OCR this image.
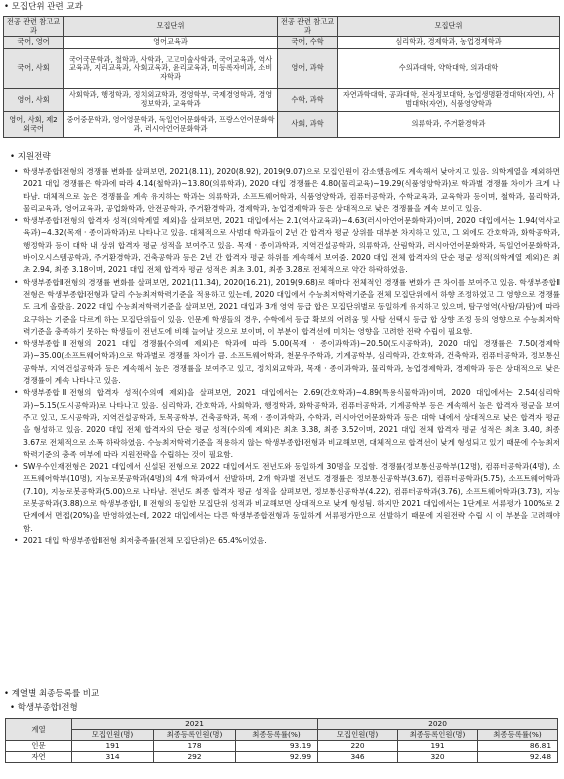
• 모집단위 관련 교과
전공 관련 참고교과	모집단위	전공 관련 참고교과	모집단위
국어, 영어	영어교육과	국어, 수학	심리학과, 경제학과, 농업경제학과
국어, 사회	국어국문학과, 철학과, 사학과, 고고미술사학과, 국어교육과, 역사교육과, 지리교육과, 사회교육과, 윤리교육과, 미등록자비과, 소비자학과	영어, 과학	수의과대학, 약학대학, 의과대학
영어, 사회	사회학과, 행정학과, 정치외교학과, 경영학부, 국제경영학과, 경영정보학과, 교육학과	수학, 과학	자연과학대학, 공과대학, 전자정보대학, 농업생명환경대학(자연), 사범대학(자연), 식품영양학과
영어, 사회, 제2외국어	중어중문학과, 영어영문학과, 독일언어문화학과, 프랑스언어문화학과, 러시아언어문화학과	사회, 과학	의류학과, 주거환경학과
• 지원전략
• 학생부종합Ⅰ전형의 경쟁률 변화를 살펴보면, 2021(8.11), 2020(8.92), 2019(9.07)으로 모집인원이 감소했음에도 계속해서 낮아지고 있음. 의학계열을 제외하면 2021 대입 경쟁률은 학과에 따라 4.14(철학과)~13.80(의류학과), 2020 대입 경쟁률은 4.80(물리교육)~19.29(식품영양학과)로 학과별 경쟁률 차이가 크게 나타남. 대체적으로 높은 경쟁률을 계속 유지하는 학과는 의류학과, 소프트웨어학과, 식품영양학과, 컴퓨터공학과, 수학교육과, 교육학과 등이며, 철학과, 물리학과, 물리교육과, 영어교육과, 공업화학과, 안전공학과, 주거환경학과, 경제학과, 농업경제학과 등은 상대적으로 낮은 경쟁률을 계속 보이고 있음.
• 학생부종합Ⅰ전형의 합격자 성적(의학계열 제외)을 살펴보면, 2021 대입에서는 2.1(역사교육과)~4.63(러시아언어문화학과)이며, 2020 대입에서는 1.94(역사교육과)~4.32(목재 · 종이과학과)로 나타나고 있음. 대체적으로 사범대 학과들이 2년 간 합격자 평균 상위를 대부분 차지하고 있고, 그 외에도 간호학과, 화학공학과, 행정학과 등이 대학 내 상위 합격자 평균 성적을 보여주고 있음. 목재 · 종이과학과, 지역건설공학과, 의류학과, 산림학과, 러시아언어문화학과, 독일언어문화학과, 바이오시스템공학과, 주거환경학과, 건축공학과 등은 2년 간 합격자 평균 하위를 계속해서 보여줌. 2020 대입 전체 합격자의 단순 평균 성적(의학계열 제외)은 최초 2.94, 최종 3.18이며, 2021 대입 전체 합격자 평균 성적은 최초 3.01, 최종 3.28로 전체적으로 약간 하락하였음.
• 학생부종합Ⅱ전형의 경쟁률 변화를 살펴보면, 2021(11.34), 2020(16.21), 2019(9.68)로 해마다 전체적인 경쟁률 변화가 큰 차이를 보여주고 있음. 학생부종합Ⅱ전형은 학생부종합Ⅰ전형과 달리 수능최저학력기준을 적용하고 있는데, 2020 대입에서 수능최저학력기준을 전체 모집단위에서 하향 조정하였고 그 영향으로 경쟁률도 크게 올랐음. 2022 대입 수능최저학력기준을 살펴보면, 2021 대입과 3개 영역 등급 합은 모집단위별로 동일하게 유지하고 있으며, 탐구영역(사탐/과탐)에 따라 요구하는 기준을 다르게 하는 모집단위들이 있음. 인문계 학생들의 경우, 수학에서 등급 확보의 어려움 및 사탐 선택시 등급 합 상향 조정 등의 영향으로 수능최저학력기준을 충족하기 못하는 학생들이 전년도에 비해 늘어날 것으로 보이며, 이 부분이 합격선에 미치는 영향을 고려한 전략 수립이 필요함.
• 학생부종합Ⅱ전형의 2021 대입 경쟁률(수의예 제외)은 학과에 따라 5.00(목재 · 종이과학과)~20.50(도시공학과), 2020 대입 경쟁률은 7.50(경제학과)~35.00(소프트웨어학과)으로 학과별로 경쟁률 차이가 큼. 소프트웨어학과, 천문우주학과, 기계공학부, 심리학과, 간호학과, 건축학과, 컴퓨터공학과, 정보통신공학부, 지역건설공학과 등은 계속해서 높은 경쟁률을 보여주고 있고, 정치외교학과, 목재 · 종이과학과, 물리학과, 농업경제학과, 경제학과 등은 상대적으로 낮은 경쟁률이 계속 나타나고 있음.
• 학생부종합Ⅱ전형의 합격자 성적(수의예 제외)을 살펴보면, 2021 대입에서는 2.69(간호학과)~4.89(특용식물학과)이며, 2020 대입에서는 2.54(심리학과)~5.15(도시공학과)로 나타나고 있음. 심리학과, 간호학과, 사회학과, 행정학과, 화학공학과, 컴퓨터공학과, 기계공학부 등은 계속해서 높은 합격자 평균을 보여주고 있고, 도시공학과, 지역건설공학과, 토목공학부, 건축공학과, 목재 · 종이과학과, 수학과, 러시아언어문화학과 등은 대학 내에서 상대적으로 낮은 합격자 평균을 형성하고 있음. 2020 대입 전체 합격자의 단순 평균 성적(수의예 제외)은 최초 3.38, 최종 3.52이며, 2021 대입 전체 합격자 평균 성적은 최초 3.40, 최종 3.67로 전체적으로 소폭 하락하였음. 수능최저학력기준을 적용하지 않는 학생부종합Ⅰ전형과 비교해보면, 대체적으로 합격선이 낮게 형성되고 있기 때문에 수능최저학력기준의 충족 여부에 따라 지원전략을 수립하는 것이 필요함.
• SW우수인재전형은 2021 대입에서 신설된 전형으로 2022 대입에서도 전년도와 동일하게 30명을 모집함. 경쟁률(정보통신공학부(12명), 컴퓨터공학과(4명), 소프트웨어학부(10명), 지능로봇공학과(4명)의 4개 학과에서 선발하며, 2개 학과별 전년도 경쟁률은 정보통신공학부(3.67), 컴퓨터공학과(5.75), 소프트웨어학과(7.10), 지능로봇공학과(5.00)으로 나타남. 전년도 최종 합격자 평균 성적을 살펴보면, 정보통신공학부(4.22), 컴퓨터공학과(3.76), 소프트웨어학과(3.73), 지능로봇공학과(3.88)으로 학생부종합Ⅰ, Ⅱ 전형의 동일한 모집단위 성적과 비교해보면 상대적으로 낮게 형성됨. 하지만 2021 대입에서는 1단계로 서류평가 100%로 2단계에서 면접(20%)을 반영하였는데, 2022 대입에서는 다른 학생부종합전형과 동일하게 서류평가만으로 선발하기 때문에 지원전략 수립 시 이 부분을 고려해야 함.
• 2021 대입 학생부종합Ⅱ전형 최저충족률(전체 모집단위)은 65.4%이었음.
• 계열별 최종등록률 비교
• 학생부종합Ⅰ전형
계열	2021			2020		
	모집인원(명)	최종등록인원(명)	최종등록률(%)	모집인원(명)	최종등록인원(명)	최종등록률(%)
인문	191	178	93.19	220	191	86.81
자연	314	292	92.99	346	320	92.48
